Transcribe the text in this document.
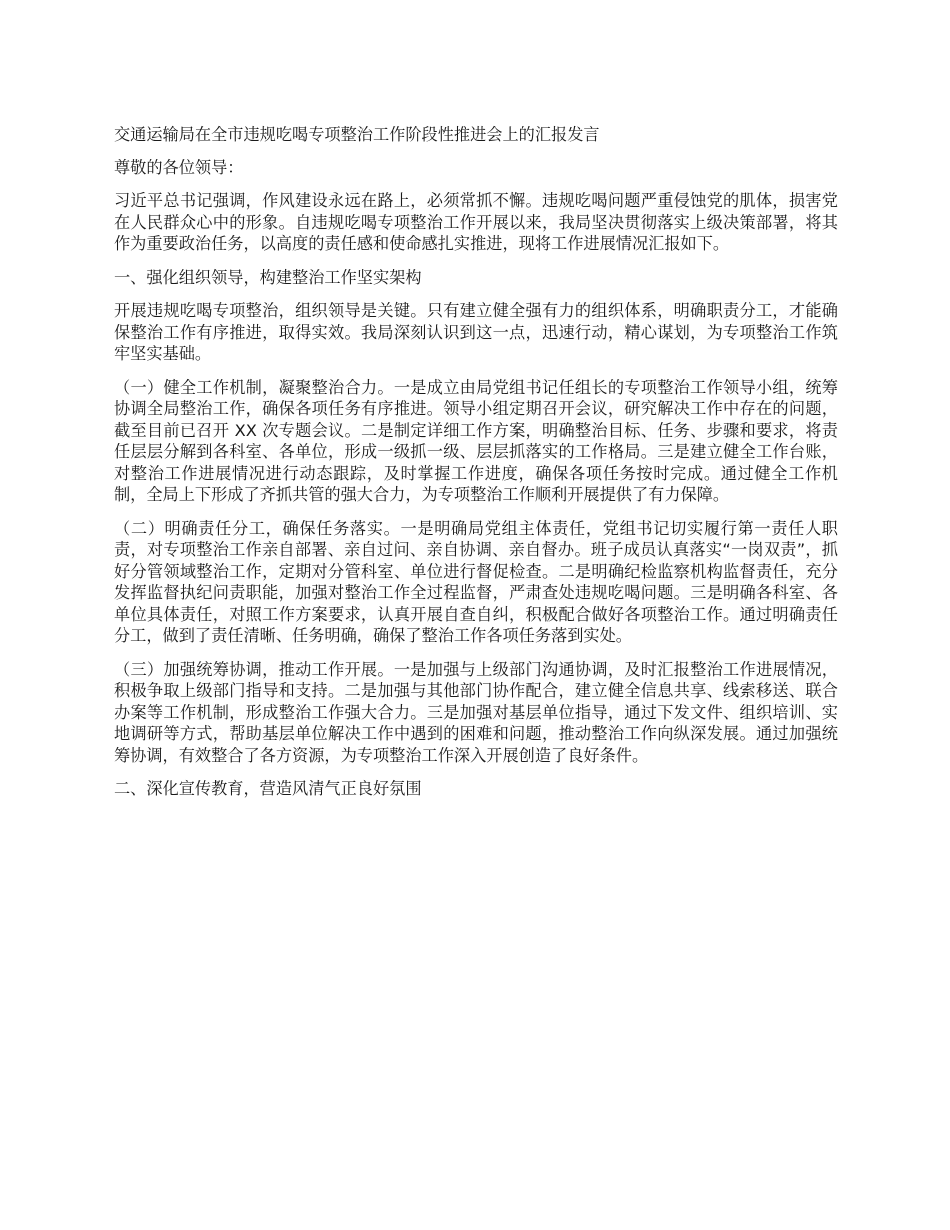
交通运输局在全市违规吃喝专项整治工作阶段性推进会上的汇报发言

尊敬的各位领导：

习近平总书记强调，作风建设永远在路上，必须常抓不懈。违规吃喝问题严重侵蚀党的肌体，损害党在人民群众心中的形象。自违规吃喝专项整治工作开展以来，我局坚决贯彻落实上级决策部署，将其作为重要政治任务，以高度的责任感和使命感扎实推进，现将工作进展情况汇报如下。

一、强化组织领导，构建整治工作坚实架构

开展违规吃喝专项整治，组织领导是关键。只有建立健全强有力的组织体系，明确职责分工，才能确保整治工作有序推进，取得实效。我局深刻认识到这一点，迅速行动，精心谋划，为专项整治工作筑牢坚实基础。

（一）健全工作机制，凝聚整治合力。一是成立由局党组书记任组长的专项整治工作领导小组，统筹协调全局整治工作，确保各项任务有序推进。领导小组定期召开会议，研究解决工作中存在的问题，截至目前已召开 XX 次专题会议。二是制定详细工作方案，明确整治目标、任务、步骤和要求，将责任层层分解到各科室、各单位，形成一级抓一级、层层抓落实的工作格局。三是建立健全工作台账，对整治工作进展情况进行动态跟踪，及时掌握工作进度，确保各项任务按时完成。通过健全工作机制，全局上下形成了齐抓共管的强大合力，为专项整治工作顺利开展提供了有力保障。

（二）明确责任分工，确保任务落实。一是明确局党组主体责任，党组书记切实履行第一责任人职责，对专项整治工作亲自部署、亲自过问、亲自协调、亲自督办。班子成员认真落实“一岗双责”，抓好分管领域整治工作，定期对分管科室、单位进行督促检查。二是明确纪检监察机构监督责任，充分发挥监督执纪问责职能，加强对整治工作全过程监督，严肃查处违规吃喝问题。三是明确各科室、各单位具体责任，对照工作方案要求，认真开展自查自纠，积极配合做好各项整治工作。通过明确责任分工，做到了责任清晰、任务明确，确保了整治工作各项任务落到实处。

（三）加强统筹协调，推动工作开展。一是加强与上级部门沟通协调，及时汇报整治工作进展情况，积极争取上级部门指导和支持。二是加强与其他部门协作配合，建立健全信息共享、线索移送、联合办案等工作机制，形成整治工作强大合力。三是加强对基层单位指导，通过下发文件、组织培训、实地调研等方式，帮助基层单位解决工作中遇到的困难和问题，推动整治工作向纵深发展。通过加强统筹协调，有效整合了各方资源，为专项整治工作深入开展创造了良好条件。

二、深化宣传教育，营造风清气正良好氛围
